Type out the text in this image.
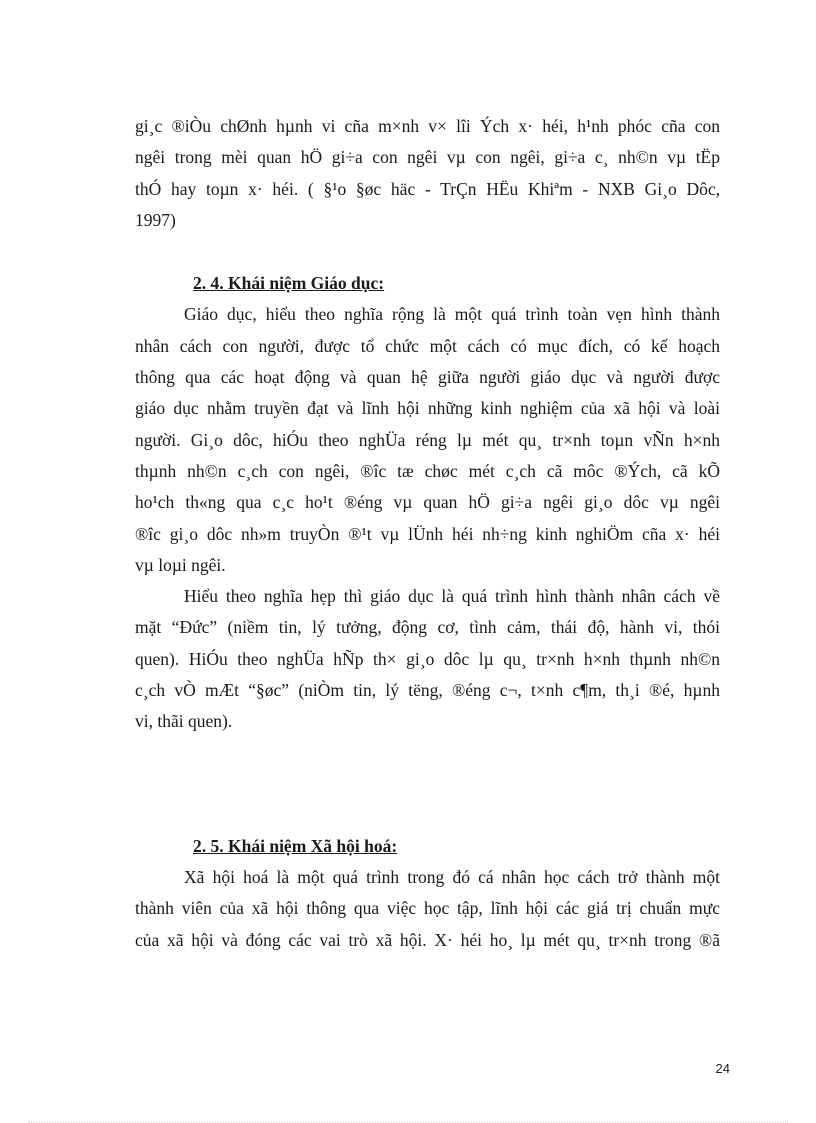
gi¸c ®iÒu chØnh hµnh vi cña m×nh v× lîi Ých x· héi, h¹nh phóc cña con
ngêi trong mèi quan hÖ gi÷a con ngêi vµ con ngêi, gi÷a c¸ nh©n vµ tËp
thÓ hay toµn x· héi. ( §¹o §øc häc - TrÇn HËu Khiªm - NXB Gi¸o Dôc,
1997)
2. 4. Khái niệm Giáo dục:
Giáo dục, hiểu theo nghĩa rộng là một quá trình toàn vẹn hình thành
nhân cách con người, được tổ chức một cách có mục đích, có kế hoạch
thông qua các hoạt động và quan hệ giữa người giáo dục và người được
giáo dục nhằm truyền đạt và lĩnh hội những kinh nghiệm của xã hội và loài
người. Gi¸o dôc, hiÓu theo nghÜa réng lµ mét qu¸ tr×nh toµn vÑn h×nh
thµnh nh©n c¸ch con ngêi, ®îc tæ chøc mét c¸ch cã môc ®Ých, cã kÕ
ho¹ch th«ng qua c¸c ho¹t ®éng vµ quan hÖ gi÷a ngêi gi¸o dôc vµ ngêi
®îc gi¸o dôc nh»m truyÒn ®¹t vµ lÜnh héi nh÷ng kinh nghiÖm cña x· héi
vµ loµi ngêi.
Hiểu theo nghĩa hẹp thì giáo dục là quá trình hình thành nhân cách về
mặt “Đức” (niềm tin, lý tưởng, động cơ, tình cảm, thái độ, hành vi, thói
quen). HiÓu theo nghÜa hÑp th× gi¸o dôc lµ qu¸ tr×nh h×nh thµnh nh©n
c¸ch vÒ mÆt “§øc” (niÒm tin, lý tëng, ®éng c¬, t×nh c¶m, th¸i ®é, hµnh
vi, thãi quen).
2. 5. Khái niệm Xã hội hoá:
Xã hội hoá là một quá trình trong đó cá nhân học cách trở thành một
thành viên của xã hội thông qua việc học tập, lĩnh hội các giá trị chuẩn mực
của xã hội và đóng các vai trò xã hội. X· héi ho¸ lµ mét qu¸ tr×nh trong ®ã
24
